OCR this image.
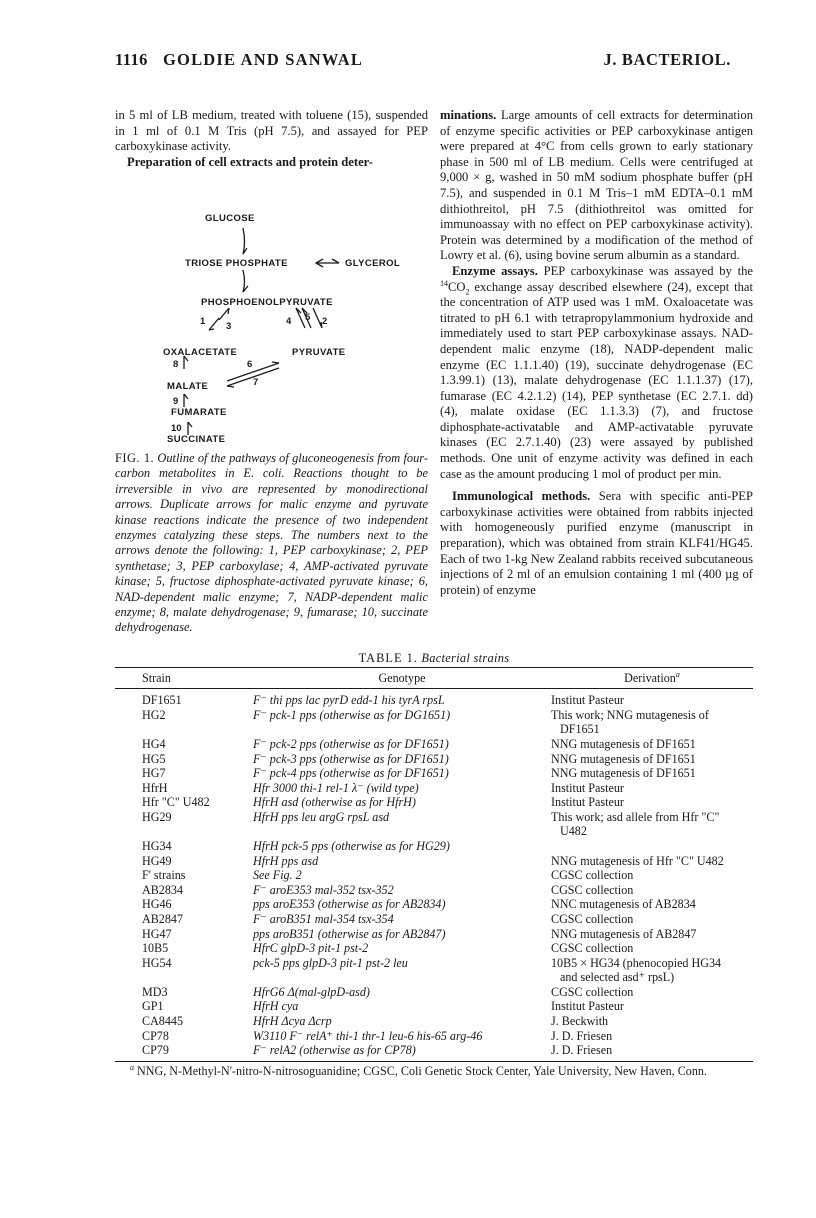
1116 GOLDIE AND SANWAL	J. BACTERIOL.

in 5 ml of LB medium, treated with toluene (15), suspended in 1 ml of 0.1 M Tris (pH 7.5), and assayed for PEP carboxykinase activity.

Preparation of cell extracts and protein deter-

GLUCOSE
TRIOSE PHOSPHATE	GLYCEROL
PHOSPHOENOLPYRUVATE
OXALACETATE	PYRUVATE
MALATE
FUMARATE
SUCCINATE
1 3	4 5 2
8	6
7
9
10
FIG. 1. Outline of the pathways of gluconeogenesis from four-carbon metabolites in E. coli. Reactions thought to be irreversible in vivo are represented by monodirectional arrows. Duplicate arrows for malic enzyme and pyruvate kinase reactions indicate the presence of two independent enzymes catalyzing these steps. The numbers next to the arrows denote the following: 1, PEP carboxykinase; 2, PEP synthetase; 3, PEP carboxylase; 4, AMP-activated pyruvate kinase; 5, fructose diphosphate-activated pyruvate kinase; 6, NAD-dependent malic enzyme; 7, NADP-dependent malic enzyme; 8, malate dehydrogenase; 9, fumarase; 10, succinate dehydrogenase.

minations. Large amounts of cell extracts for determination of enzyme specific activities or PEP carboxykinase antigen were prepared at 4°C from cells grown to early stationary phase in 500 ml of LB medium. Cells were centrifuged at 9,000 × g, washed in 50 mM sodium phosphate buffer (pH 7.5), and suspended in 0.1 M Tris–1 mM EDTA–0.1 mM dithiothreitol, pH 7.5 (dithiothreitol was omitted for immunoassay with no effect on PEP carboxykinase activity). Protein was determined by a modification of the method of Lowry et al. (6), using bovine serum albumin as a standard.

Enzyme assays. PEP carboxykinase was assayed by the $^{14}CO_2$ exchange assay described elsewhere (24), except that the concentration of ATP used was 1 mM. Oxaloacetate was titrated to pH 6.1 with tetrapropylammonium hydroxide and immediately used to start PEP carboxykinase assays. NAD-dependent malic enzyme (18), NADP-dependent malic enzyme (EC 1.1.1.40) (19), succinate dehydrogenase (EC 1.3.99.1) (13), malate dehydrogenase (EC 1.1.1.37) (17), fumarase (EC 4.2.1.2) (14), PEP synthetase (EC 2.7.1. dd) (4), malate oxidase (EC 1.1.3.3) (7), and fructose diphosphate-activatable and AMP-activatable pyruvate kinases (EC 2.7.1.40) (23) were assayed by published methods. One unit of enzyme activity was defined in each case as the amount producing 1 mol of product per min.

Immunological methods. Sera with specific anti-PEP carboxykinase activities were obtained from rabbits injected with homogeneously purified enzyme (manuscript in preparation), which was obtained from strain KLF41/HG45. Each of two 1-kg New Zealand rabbits received subcutaneous injections of 2 ml of an emulsion containing 1 ml (400 µg of protein) of enzyme

TABLE 1. Bacterial strains
Strain	Genotype	Derivation$^a$
DF1651	F⁻ thi pps lac pyrD edd-1 his tyrA rpsL	Institut Pasteur
HG2	F⁻ pck-1 pps (otherwise as for DG1651)	This work; NNG mutagenesis of
DF1651

HG4	F⁻ pck-2 pps (otherwise as for DF1651)	NNG mutagenesis of DF1651
HG5	F⁻ pck-3 pps (otherwise as for DF1651)	NNG mutagenesis of DF1651
HG7	F⁻ pck-4 pps (otherwise as for DF1651)	NNG mutagenesis of DF1651
HfrH	Hfr 3000 thi-1 rel-1 λ⁻ (wild type)	Institut Pasteur
Hfr "C" U482	HfrH asd (otherwise as for HfrH)	Institut Pasteur
HG29	HfrH pps leu argG rpsL asd	This work; asd allele from Hfr "C"
U482

HG34	HfrH pck-5 pps (otherwise as for HG29)	
HG49	HfrH pps asd	NNG mutagenesis of Hfr "C" U482
F' strains	See Fig. 2	CGSC collection
AB2834	F⁻ aroE353 mal-352 tsx-352	CGSC collection
HG46	pps aroE353 (otherwise as for AB2834)	NNC mutagenesis of AB2834
AB2847	F⁻ aroB351 mal-354 tsx-354	CGSC collection
HG47	pps aroB351 (otherwise as for AB2847)	NNG mutagenesis of AB2847
10B5	HfrC glpD-3 pit-1 pst-2	CGSC collection
HG54	pck-5 pps glpD-3 pit-1 pst-2 leu	10B5 × HG34 (phenocopied HG34
and selected asd⁺ rpsL)

MD3	HfrG6 Δ(mal-glpD-asd)	CGSC collection
GP1	HfrH cya	Institut Pasteur
CA8445	HfrH Δcya Δcrp	J. Beckwith
CP78	W3110 F⁻ relA⁺ thi-1 thr-1 leu-6 his-65 arg-46	J. D. Friesen
CP79	F⁻ relA2 (otherwise as for CP78)	J. D. Friesen
$^a$ NNG, N-Methyl-N'-nitro-N-nitrosoguanidine; CGSC, Coli Genetic Stock Center, Yale University, New Haven, Conn.
